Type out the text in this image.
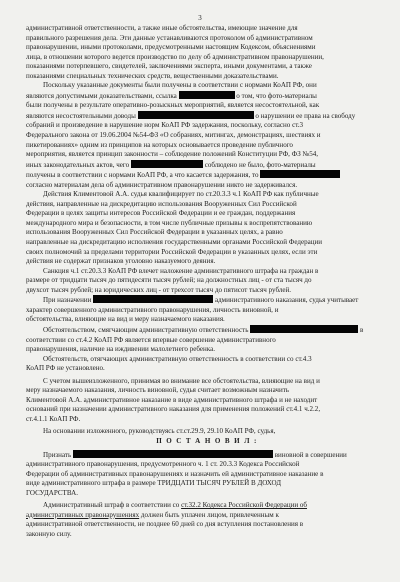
3

административной ответственности, а также иные обстоятельства, имеющие значение для

правильного разрешения дела. Эти данные устанавливаются протоколом об административном

правонарушении, иными протоколами, предусмотренными настоящим Кодексом, объяснениями

лица, в отношении которого ведется производство по делу об административном правонарушении,

показаниями потерпевшего, свидетелей, заключениями эксперта, иными документами, а также

показаниями специальных технических средств, вещественными доказательствами.

Поскольку указанные документы были получены в соответствии с нормами КоАП РФ, они

являются допустимыми доказательствами, ссылка	о том, что фото-материалы

были получены в результате оперативно-розыскных мероприятий, является несостоятельной, как

являются несостоятельными доводы	о нарушении ее права на свободу

собраний и произведение в нарушение норм КоАП РФ задержания, поскольку, согласно ст.3

Федерального закона от 19.06.2004 №54-ФЗ «О собраниях, митингах, демонстрациях, шествиях и

пикетированиях» одним из принципов на которых основывается проведение публичного

мероприятия, является принцип законности – соблюдение положений Конституции РФ, ФЗ №54,

иных законодательных актов, чего	соблюдено не было, фото-материалы

получены в соответствии с нормами КоАП РФ, а что касается задержания, то

согласно материалам дела об административном правонарушении никто не задерживался.

Действия Климентовой А.А. судья квалифицирует по ст.20.3.3 ч.1 КоАП РФ как публичные

действия, направленные на дискредитацию использования Вооруженных Сил Российской

Федерации в целях защиты интересов Российской Федерации и ее граждан, поддержания

международного мира и безопасности, в том числе публичные призывы к воспрепятствованию

использования Вооруженных Сил Российской Федерации в указанных целях, а равно

направленные на дискредитацию исполнения государственными органами Российской Федерации

своих полномочий за пределами территории Российской Федерации в указанных целях, если эти

действия не содержат признаков уголовно наказуемого деяния.

Санкция ч.1 ст.20.3.3 КоАП РФ влечет наложение административного штрафа на граждан в

размере от тридцати тысяч до пятидесяти тысяч рублей; на должностных лиц - от ста тысяч до

двухсот тысяч рублей; на юридических лиц - от трехсот тысяч до пятисот тысяч рублей.

При назначении	административного наказания, судья учитывает

характер совершенного административного правонарушения, личность виновной, и

обстоятельства, влияющие на вид и меру назначаемого наказания.

Обстоятельством, смягчающим административную ответственность	в

соответствии со ст.4.2 КоАП РФ является впервые совершение административного

правонарушения, наличие на иждивении малолетнего ребенка.

Обстоятельств, отягчающих административную ответственность в соответствии со ст.4.3

КоАП РФ не установлено.

С учетом вышеизложенного, принимая во внимание все обстоятельства, влияющие на вид и

меру назначаемого наказания, личность виновной, судья считает возможным назначить

Климентовой А.А. административное наказание в виде административного штрафа и не находит

оснований при назначении административного наказания для применения положений ст.4.1 ч.2.2,

ст.4.1.1 КоАП РФ.

На основании изложенного, руководствуясь ст.ст.29.9, 29.10 КоАП РФ, судья,

П О С Т А Н О В И Л :

Признать	виновной в совершении

административного правонарушения, предусмотренного ч. 1 ст. 20.3.3 Кодекса Российской

Федерации об административных правонарушениях и назначить ей административное наказание в

виде административного штрафа в размере ТРИДЦАТИ ТЫСЯЧ РУБЛЕЙ В ДОХОД

ГОСУДАРСТВА.

Административный штраф в соответствии со ст.32.2 Кодекса Российской Федерации об

административных правонарушениях должен быть уплачен лицом, привлеченным к

административной ответственности, не позднее 60 дней со дня вступления постановления в

законную силу.
